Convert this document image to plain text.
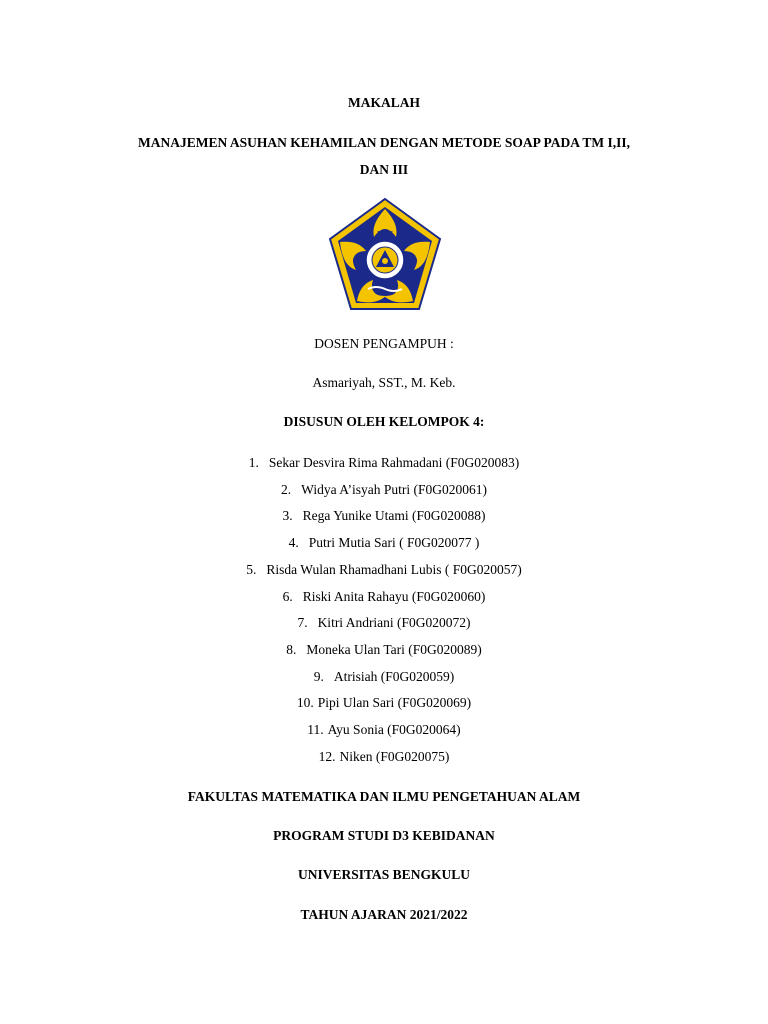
MAKALAH
MANAJEMEN ASUHAN KEHAMILAN DENGAN METODE SOAP PADA TM I,II,
DAN III
DOSEN PENGAMPUH :
Asmariyah, SST., M. Keb.
DISUSUN OLEH KELOMPOK 4:
1. Sekar Desvira Rima Rahmadani (F0G020083)
2. Widya A’isyah Putri (F0G020061)
3. Rega Yunike Utami (F0G020088)
4. Putri Mutia Sari ( F0G020077 )
5. Risda Wulan Rhamadhani Lubis ( F0G020057)
6. Riski Anita Rahayu (F0G020060)
7. Kitri Andriani (F0G020072)
8. Moneka Ulan Tari (F0G020089)
9. Atrisiah (F0G020059)
10. Pipi Ulan Sari (F0G020069)
11. Ayu Sonia (F0G020064)
12. Niken (F0G020075)
FAKULTAS MATEMATIKA DAN ILMU PENGETAHUAN ALAM
PROGRAM STUDI D3 KEBIDANAN
UNIVERSITAS BENGKULU
TAHUN AJARAN 2021/2022
